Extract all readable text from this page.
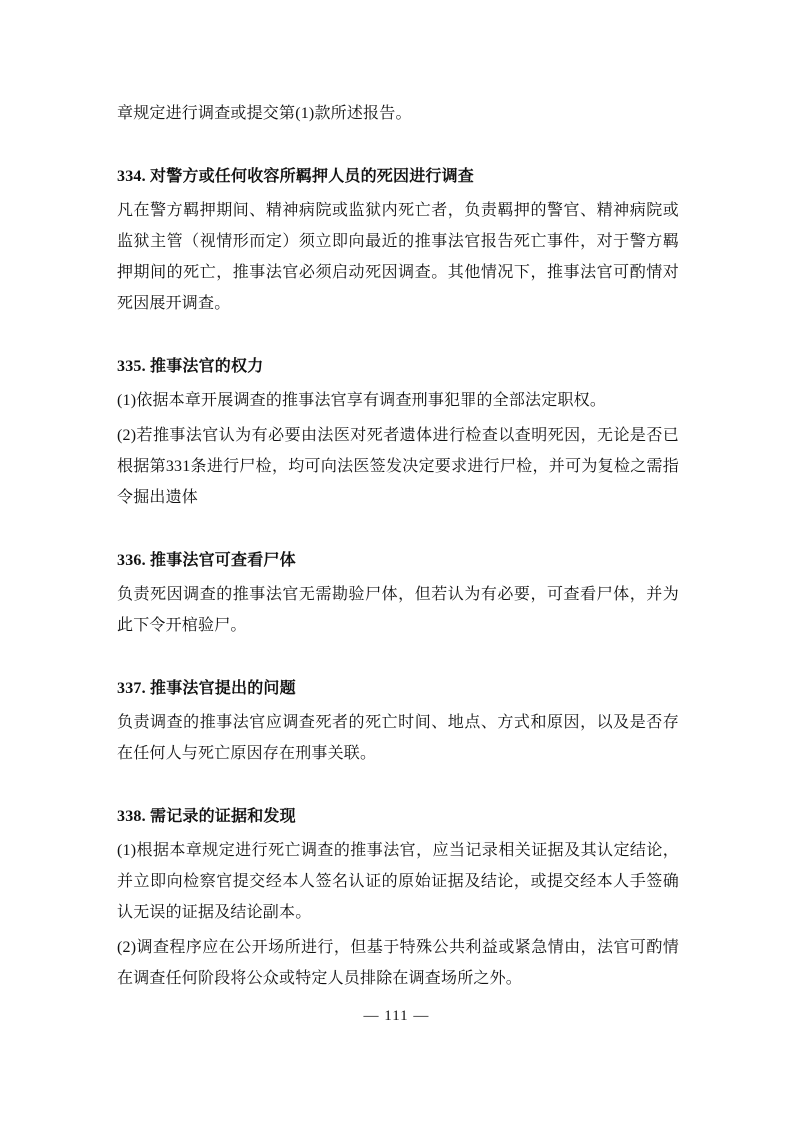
章规定进行调查或提交第(1)款所述报告。

334. 对警方或任何收容所羁押人员的死因进行调查

凡在警方羁押期间、精神病院或监狱内死亡者，负责羁押的警官、精神病院或监狱主管（视情形而定）须立即向最近的推事法官报告死亡事件，对于警方羁押期间的死亡，推事法官必须启动死因调查。其他情况下，推事法官可酌情对死因展开调查。

335. 推事法官的权力

(1)依据本章开展调查的推事法官享有调查刑事犯罪的全部法定职权。

(2)若推事法官认为有必要由法医对死者遗体进行检查以查明死因，无论是否已根据第331条进行尸检，均可向法医签发决定要求进行尸检，并可为复检之需指令掘出遗体

336. 推事法官可查看尸体

负责死因调查的推事法官无需勘验尸体，但若认为有必要，可查看尸体，并为此下令开棺验尸。

337. 推事法官提出的问题

负责调查的推事法官应调查死者的死亡时间、地点、方式和原因，以及是否存在任何人与死亡原因存在刑事关联。

338. 需记录的证据和发现

(1)根据本章规定进行死亡调查的推事法官，应当记录相关证据及其认定结论，并立即向检察官提交经本人签名认证的原始证据及结论，或提交经本人手签确认无误的证据及结论副本。

(2)调查程序应在公开场所进行，但基于特殊公共利益或紧急情由，法官可酌情在调查任何阶段将公众或特定人员排除在调查场所之外。

— 111 —
